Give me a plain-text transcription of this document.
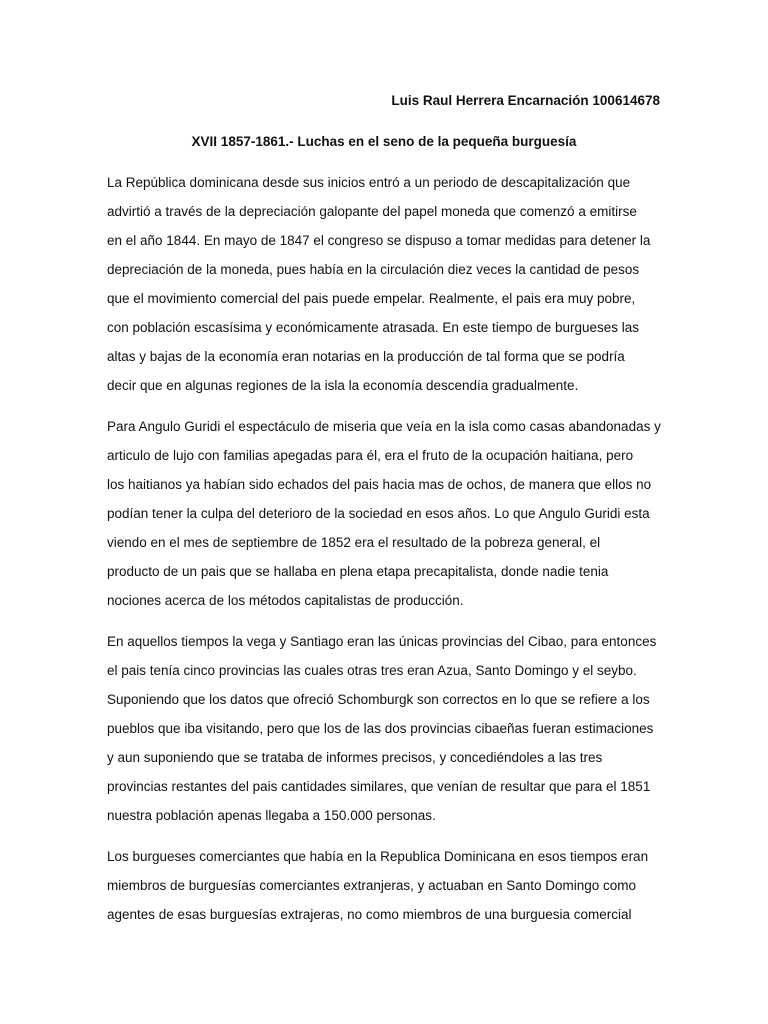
Luis Raul Herrera Encarnación 100614678
XVII 1857-1861.- Luchas en el seno de la pequeña burguesía

La República dominicana desde sus inicios entró a un periodo de descapitalización que
advirtió a través de la depreciación galopante del papel moneda que comenzó a emitirse
en el año 1844. En mayo de 1847 el congreso se dispuso a tomar medidas para detener la
depreciación de la moneda, pues había en la circulación diez veces la cantidad de pesos
que el movimiento comercial del pais puede empelar. Realmente, el pais era muy pobre,
con población escasísima y económicamente atrasada. En este tiempo de burgueses las
altas y bajas de la economía eran notarias en la producción de tal forma que se podría
decir que en algunas regiones de la isla la economía descendía gradualmente.

Para Angulo Guridi el espectáculo de miseria que veía en la isla como casas abandonadas y
articulo de lujo con familias apegadas para él, era el fruto de la ocupación haitiana, pero
los haitianos ya habían sido echados del pais hacia mas de ochos, de manera que ellos no
podían tener la culpa del deterioro de la sociedad en esos años. Lo que Angulo Guridi esta
viendo en el mes de septiembre de 1852 era el resultado de la pobreza general, el
producto de un pais que se hallaba en plena etapa precapitalista, donde nadie tenia
nociones acerca de los métodos capitalistas de producción.

En aquellos tiempos la vega y Santiago eran las únicas provincias del Cibao, para entonces
el pais tenía cinco provincias las cuales otras tres eran Azua, Santo Domingo y el seybo.
Suponiendo que los datos que ofreció Schomburgk son correctos en lo que se refiere a los
pueblos que iba visitando, pero que los de las dos provincias cibaeñas fueran estimaciones
y aun suponiendo que se trataba de informes precisos, y concediéndoles a las tres
provincias restantes del pais cantidades similares, que venían de resultar que para el 1851
nuestra población apenas llegaba a 150.000 personas.

Los burgueses comerciantes que había en la Republica Dominicana en esos tiempos eran
miembros de burguesías comerciantes extranjeras, y actuaban en Santo Domingo como
agentes de esas burguesías extrajeras, no como miembros de una burguesia comercial
